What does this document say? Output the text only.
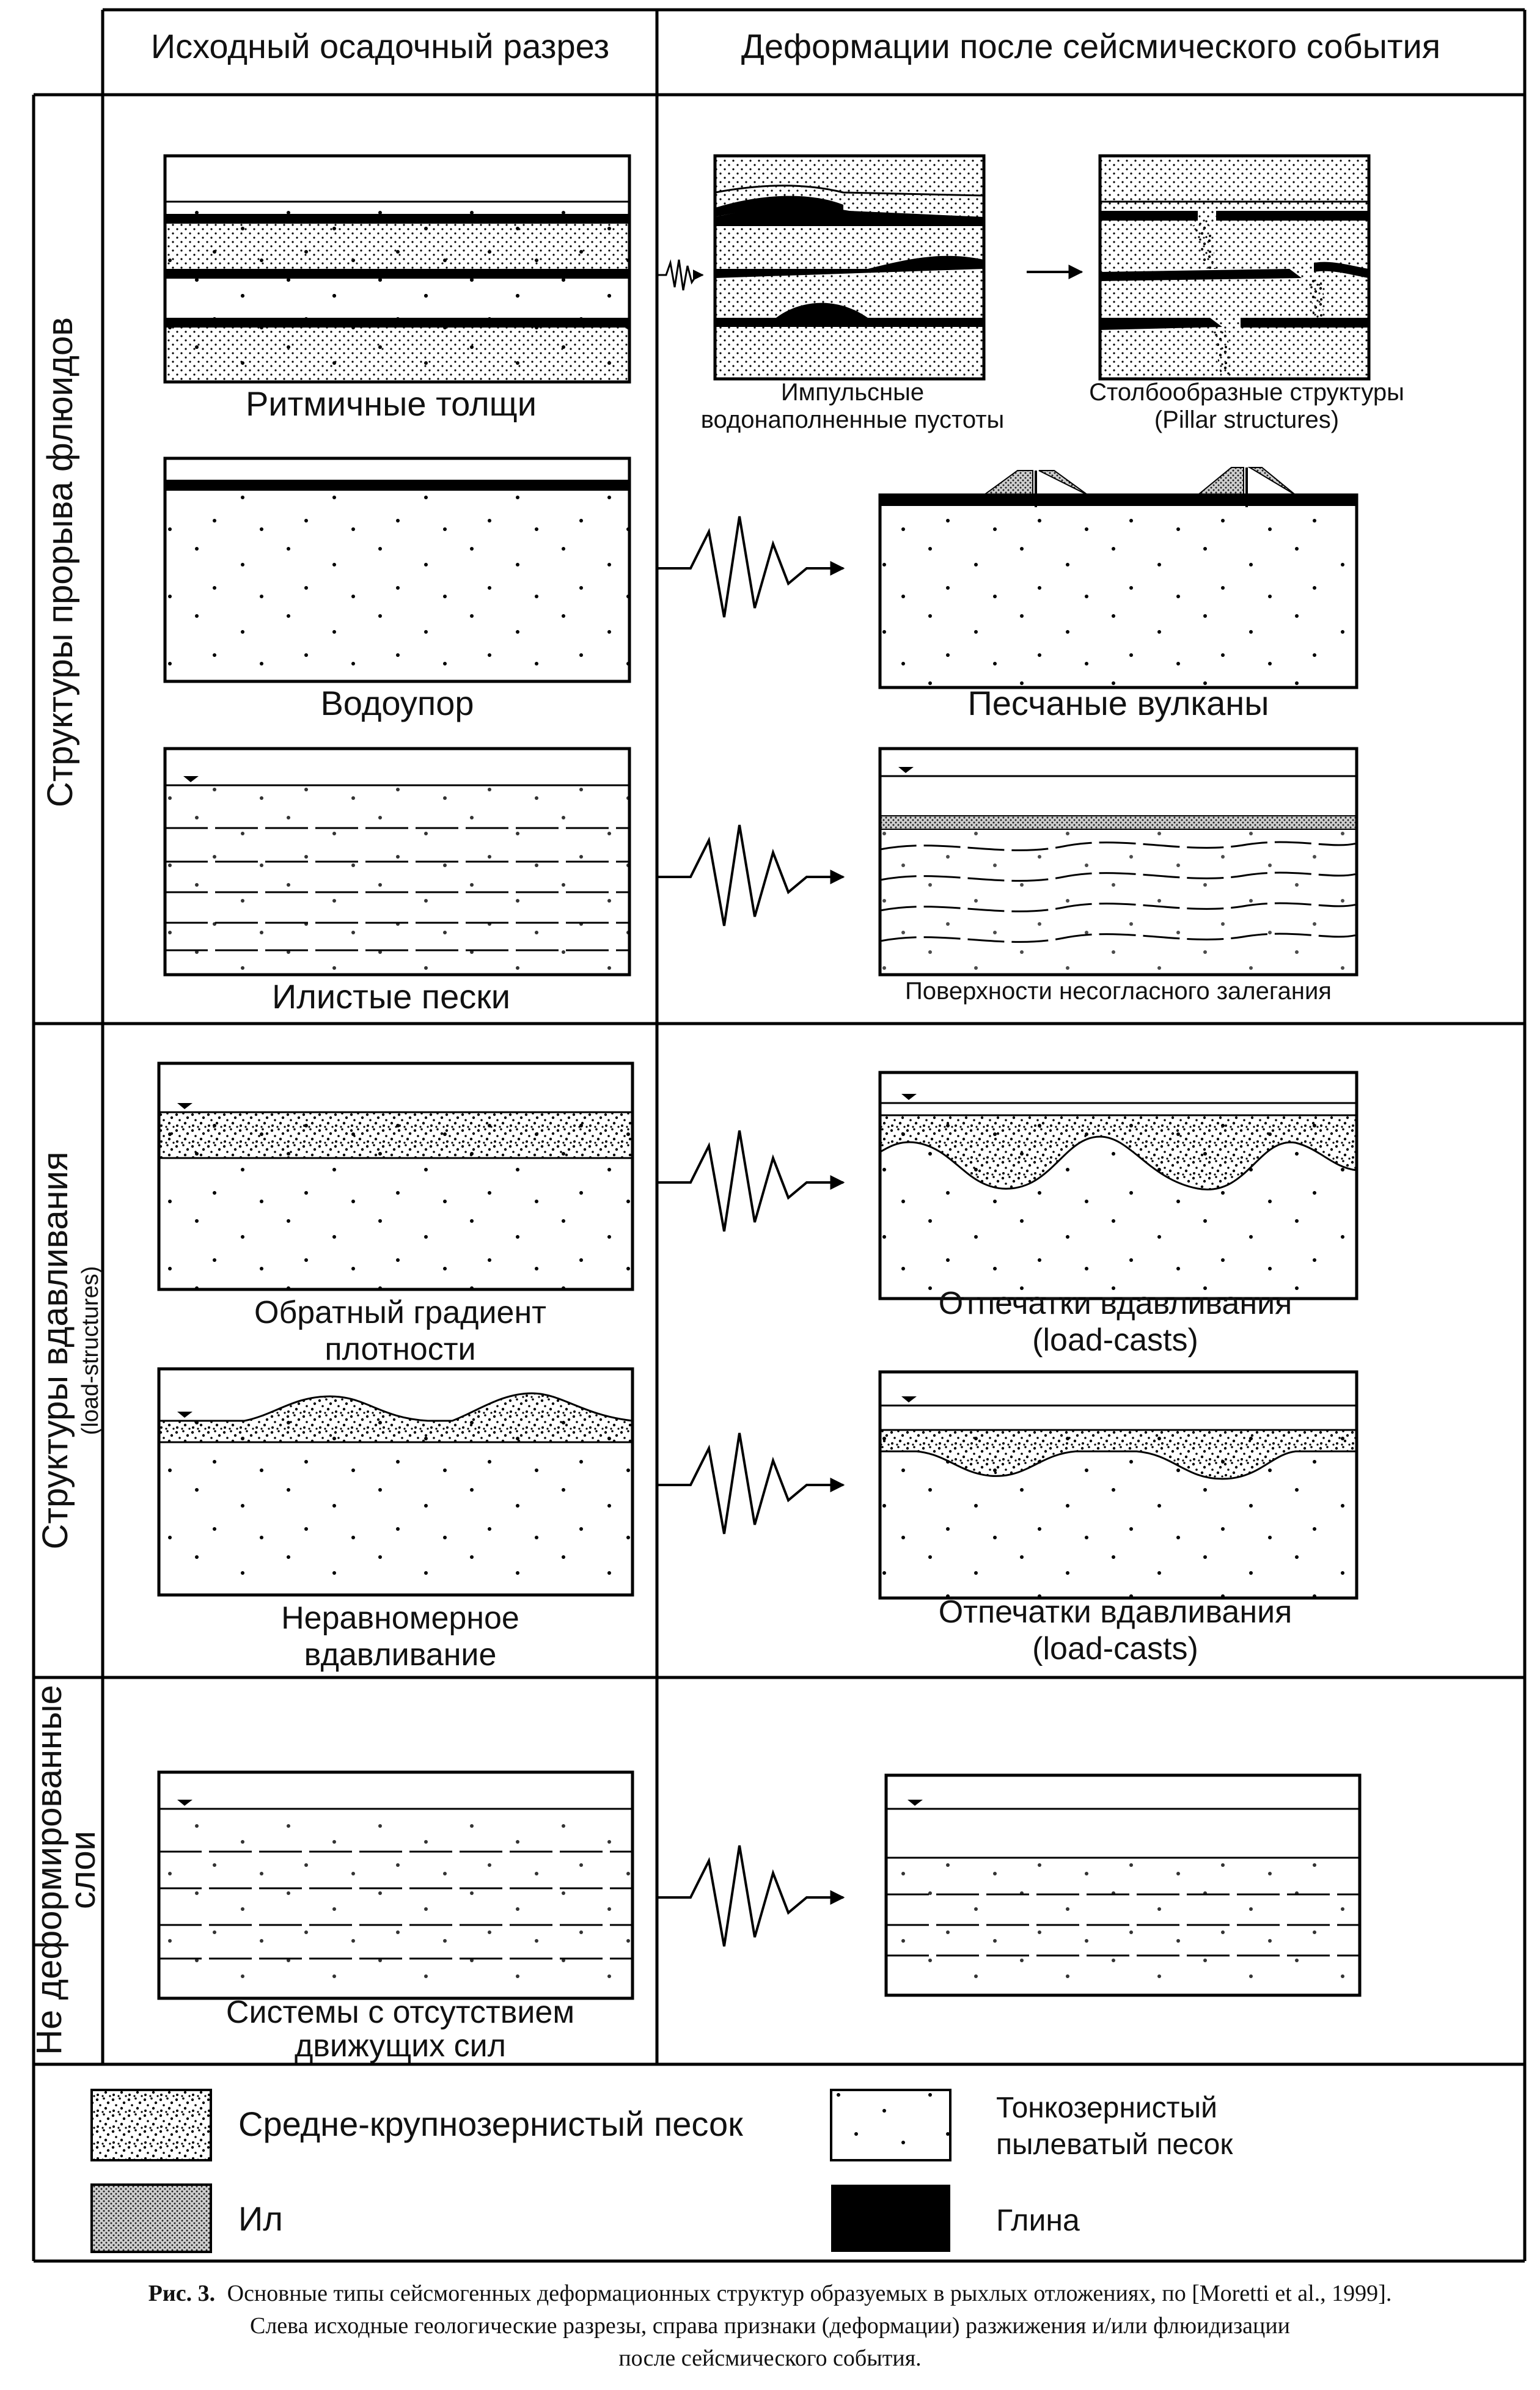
Исходный осадочный разрез	Деформации после сейсмического события
Структуры прорыва флюидов
Структуры вдавливания (load-structures)
Не деформированные
слои
Ритмичные толщи	Импульсные
водонаполненные пустоты
Столбообразные структуры
(Pillar structures)
Водоупор	Песчаные вулканы
Илистые пески	Поверхности несогласного залегания
Обратный градиент
плотности
Отпечатки вдавливания
(load-casts)
Неравномерное
вдавливание
Отпечатки вдавливания
(load-casts)
Системы с отсутствием
движущих сил
Средне-крупнозернистый песок	Тонкозернистый
пылеватый песок
Ил	Глина
Рис. 3. Основные типы сейсмогенных деформационных структур образуемых в рыхлых отложениях, по [Moretti et al., 1999].
Слева исходные геологические разрезы, справа признаки (деформации) разжижения и/или флюидизации
после сейсмического события.
